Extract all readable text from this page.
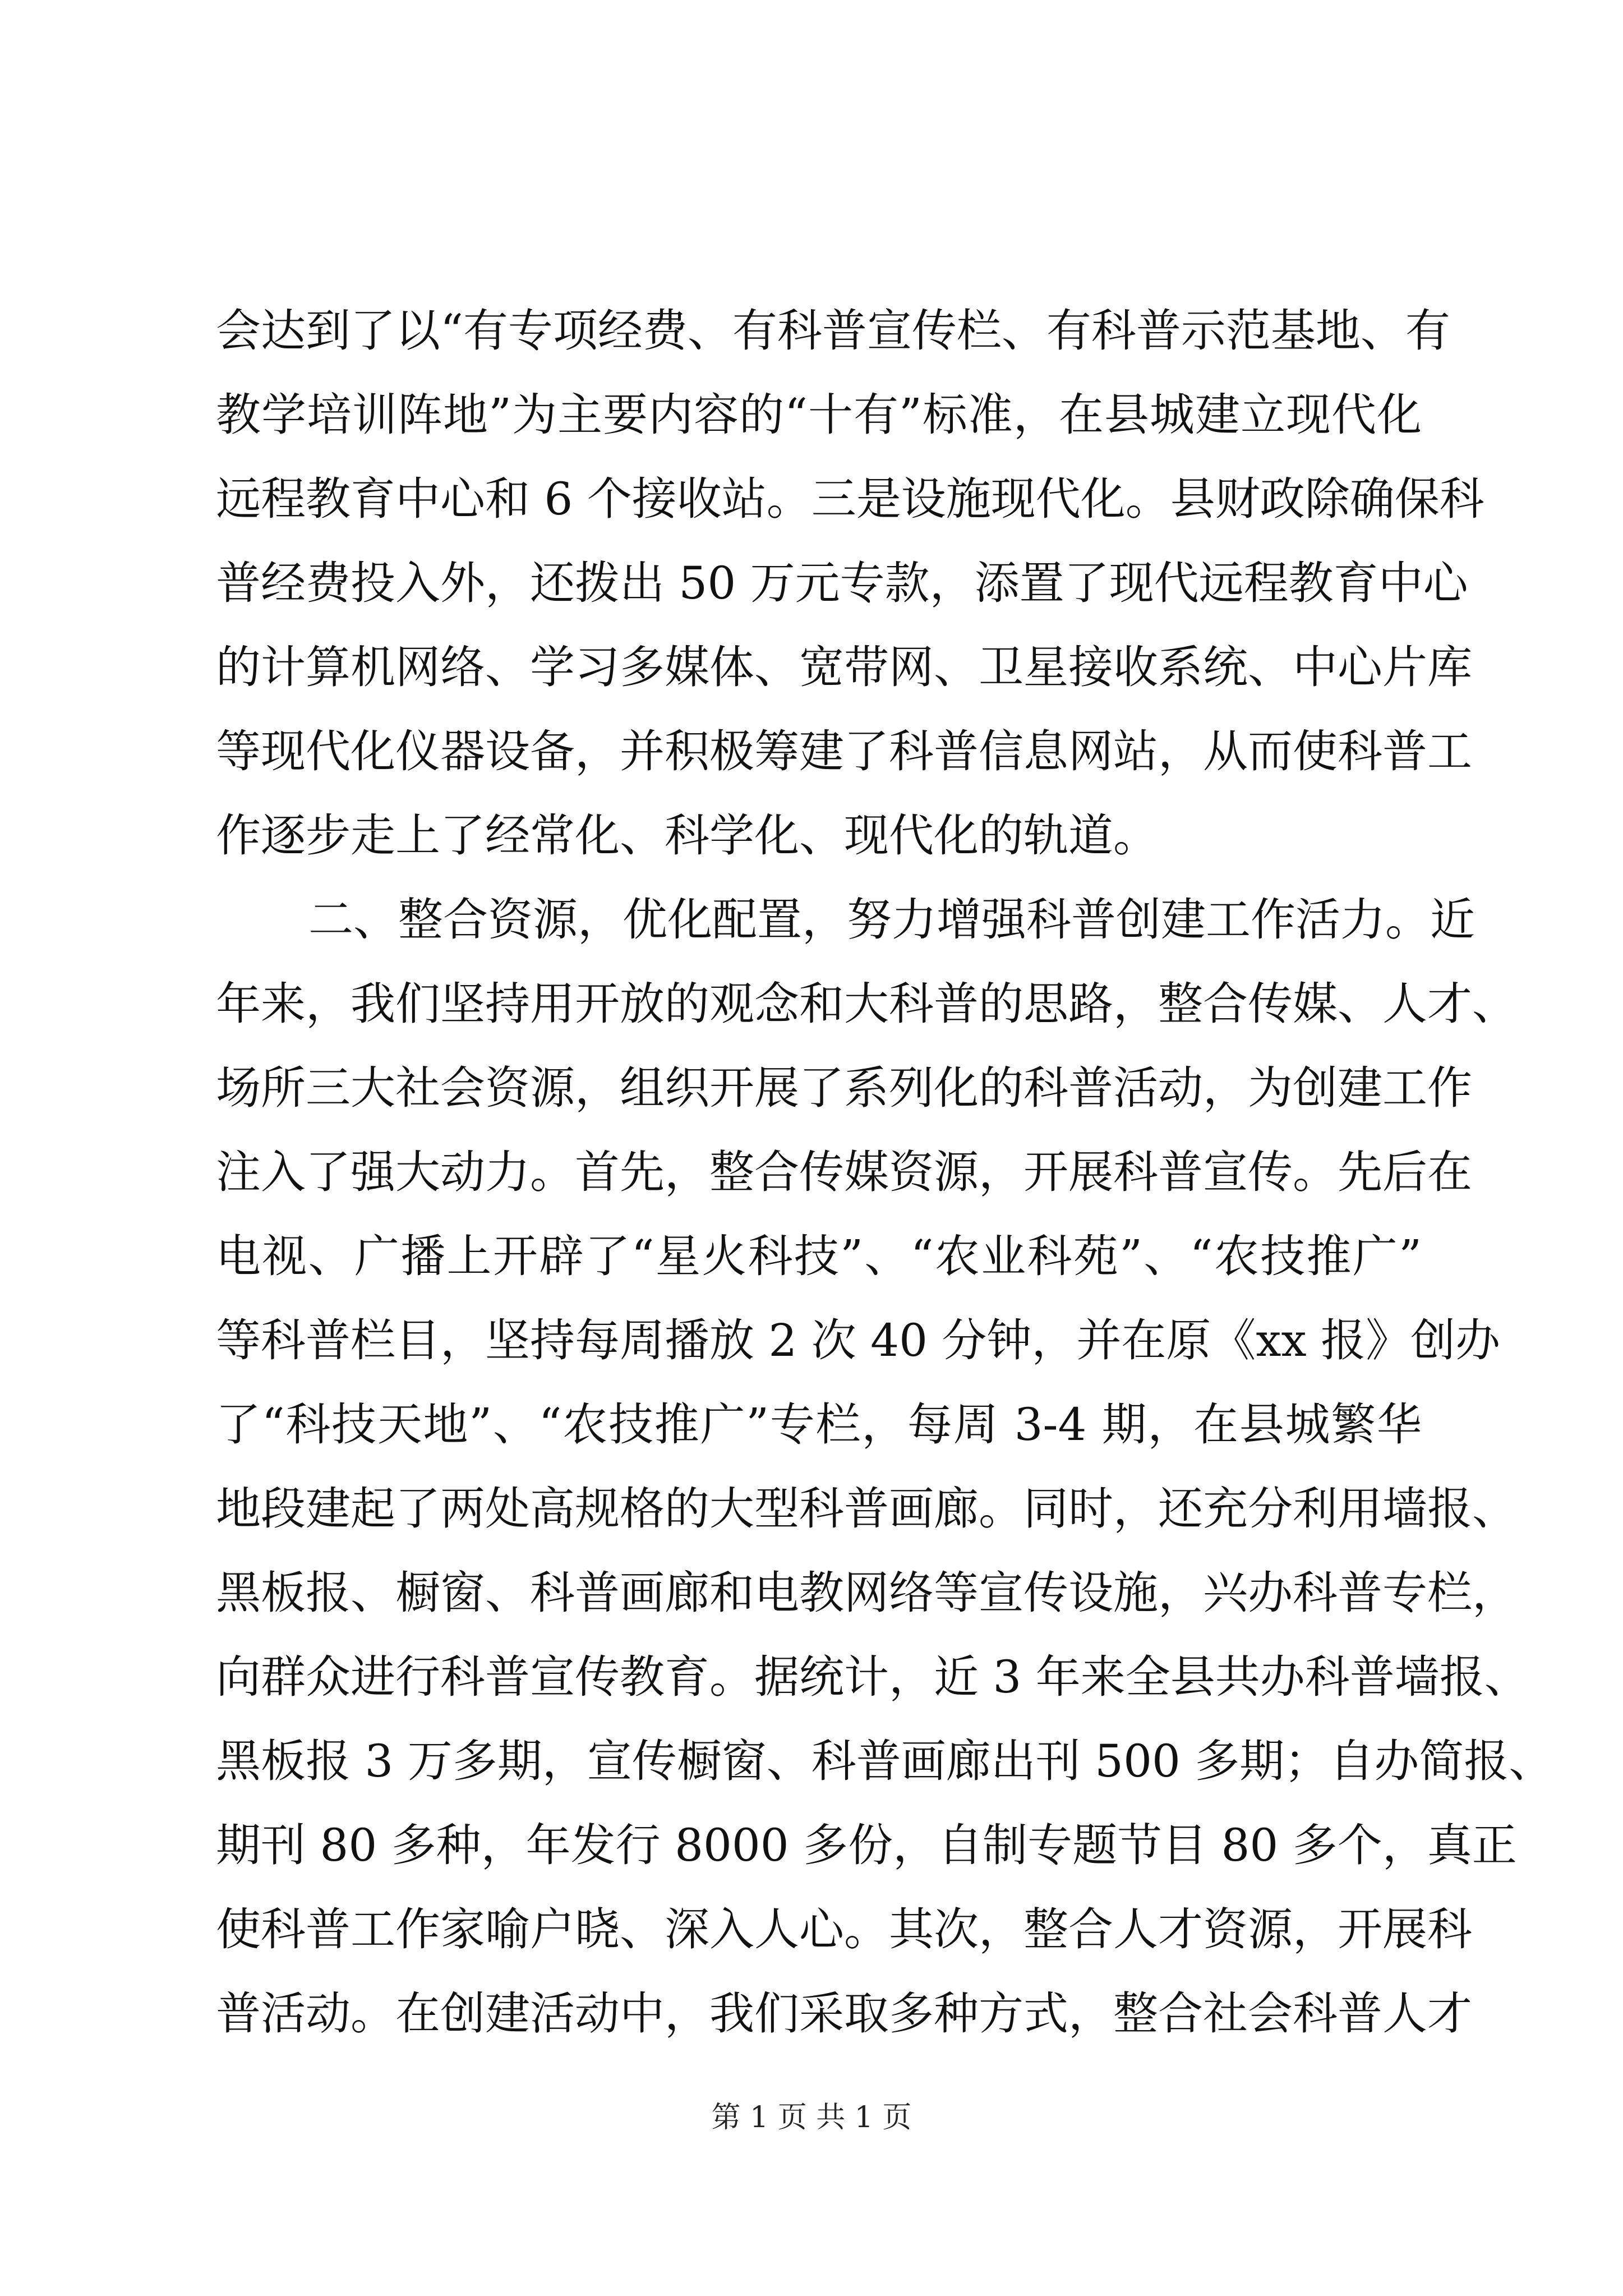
会达到了以“有专项经费、有科普宣传栏、有科普示范基地、有
教学培训阵地”为主要内容的“十有”标准，在县城建立现代化
远程教育中心和 6 个接收站。三是设施现代化。县财政除确保科
普经费投入外，还拨出 50 万元专款，添置了现代远程教育中心
的计算机网络、学习多媒体、宽带网、卫星接收系统、中心片库
等现代化仪器设备，并积极筹建了科普信息网站，从而使科普工
作逐步走上了经常化、科学化、现代化的轨道。
二、整合资源，优化配置，努力增强科普创建工作活力。近
年来，我们坚持用开放的观念和大科普的思路，整合传媒、人才、
场所三大社会资源，组织开展了系列化的科普活动，为创建工作
注入了强大动力。首先，整合传媒资源，开展科普宣传。先后在
电视、广播上开辟了“星火科技”、“农业科苑”、“农技推广”
等科普栏目，坚持每周播放 2 次 40 分钟，并在原《xx 报》创办
了“科技天地”、“农技推广”专栏，每周 3-4 期，在县城繁华
地段建起了两处高规格的大型科普画廊。同时，还充分利用墙报、
黑板报、橱窗、科普画廊和电教网络等宣传设施，兴办科普专栏，
向群众进行科普宣传教育。据统计，近 3 年来全县共办科普墙报、
黑板报 3 万多期，宣传橱窗、科普画廊出刊 500 多期；自办简报、
期刊 80 多种，年发行 8000 多份，自制专题节目 80 多个，真正
使科普工作家喻户晓、深入人心。其次，整合人才资源，开展科
普活动。在创建活动中，我们采取多种方式，整合社会科普人才
第 1 页 共 1 页
